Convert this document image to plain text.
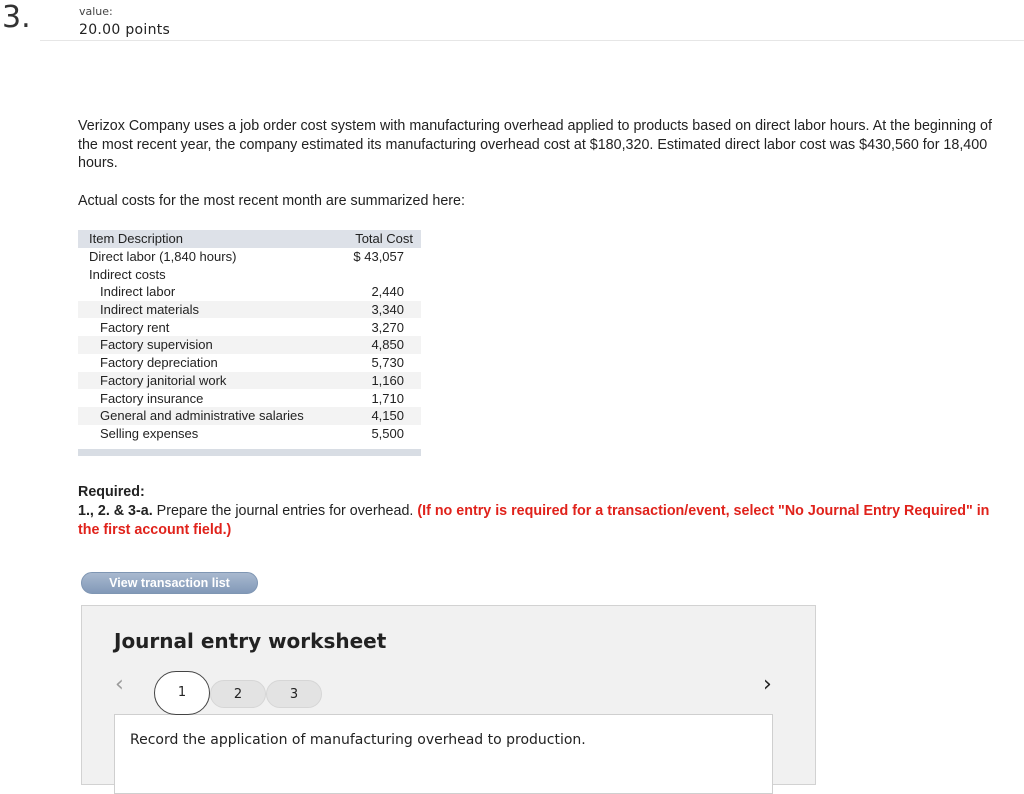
3.	value:
20.00 points
Verizox Company uses a job order cost system with manufacturing overhead applied to products based on direct labor hours. At the beginning of the most recent year, the company estimated its manufacturing overhead cost at $180,320. Estimated direct labor cost was $430,560 for 18,400 hours.
Actual costs for the most recent month are summarized here:
Item Description	Total Cost
Direct labor (1,840 hours)	$ 43,057
Indirect costs	
Indirect labor	2,440
Indirect materials	3,340
Factory rent	3,270
Factory supervision	4,850
Factory depreciation	5,730
Factory janitorial work	1,160
Factory insurance	1,710
General and administrative salaries	4,150
Selling expenses	5,500
Required:
1., 2. & 3-a. Prepare the journal entries for overhead. (If no entry is required for a transaction/event, select "No Journal Entry Required" in the first account field.)
View transaction list
Journal entry worksheet
‹	3
2
1	›
Record the application of manufacturing overhead to production.
